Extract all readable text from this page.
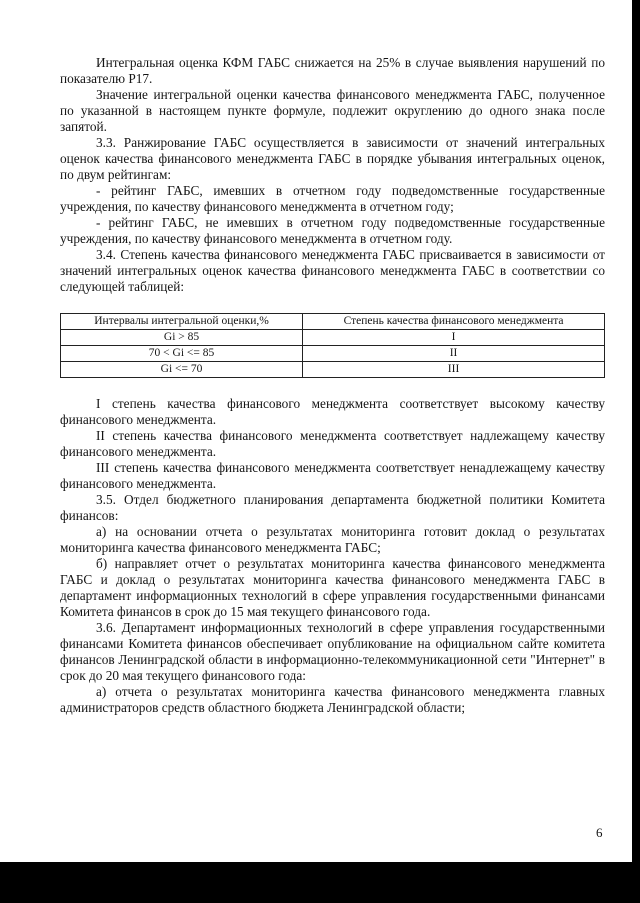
Интегральная оценка КФМ ГАБС снижается на 25% в случае выявления нарушений по показателю Р17.

Значение интегральной оценки качества финансового менеджмента ГАБС, полученное по указанной в настоящем пункте формуле, подлежит округлению до одного знака после запятой.

3.3. Ранжирование ГАБС осуществляется в зависимости от значений интегральных оценок качества финансового менеджмента ГАБС в порядке убывания интегральных оценок, по двум рейтингам:

- рейтинг ГАБС, имевших в отчетном году подведомственные государственные учреждения, по качеству финансового менеджмента в отчетном году;

- рейтинг ГАБС, не имевших в отчетном году подведомственные государственные учреждения, по качеству финансового менеджмента в отчетном году.

3.4. Степень качества финансового менеджмента ГАБС присваивается в зависимости от значений интегральных оценок качества финансового менеджмента ГАБС в соответствии со следующей таблицей:

Интервалы интегральной оценки,%	Степень качества финансового менеджмента
Gi > 85	I
70 < Gi <= 85	II
Gi <= 70	III

I степень качества финансового менеджмента соответствует высокому качеству финансового менеджмента.

II степень качества финансового менеджмента соответствует надлежащему качеству финансового менеджмента.

III степень качества финансового менеджмента соответствует ненадлежащему качеству финансового менеджмента.

3.5. Отдел бюджетного планирования департамента бюджетной политики Комитета финансов:

а) на основании отчета о результатах мониторинга готовит доклад о результатах мониторинга качества финансового менеджмента ГАБС;

б) направляет отчет о результатах мониторинга качества финансового менеджмента ГАБС и доклад о результатах мониторинга качества финансового менеджмента ГАБС в департамент информационных технологий в сфере управления государственными финансами Комитета финансов в срок до 15 мая текущего финансового года.

3.6. Департамент информационных технологий в сфере управления государственными финансами Комитета финансов обеспечивает опубликование на официальном сайте комитета финансов Ленинградской области в информационно-телекоммуникационной сети "Интернет" в срок до 20 мая текущего финансового года:

а) отчета о результатах мониторинга качества финансового менеджмента главных администраторов средств областного бюджета Ленинградской области;

6
